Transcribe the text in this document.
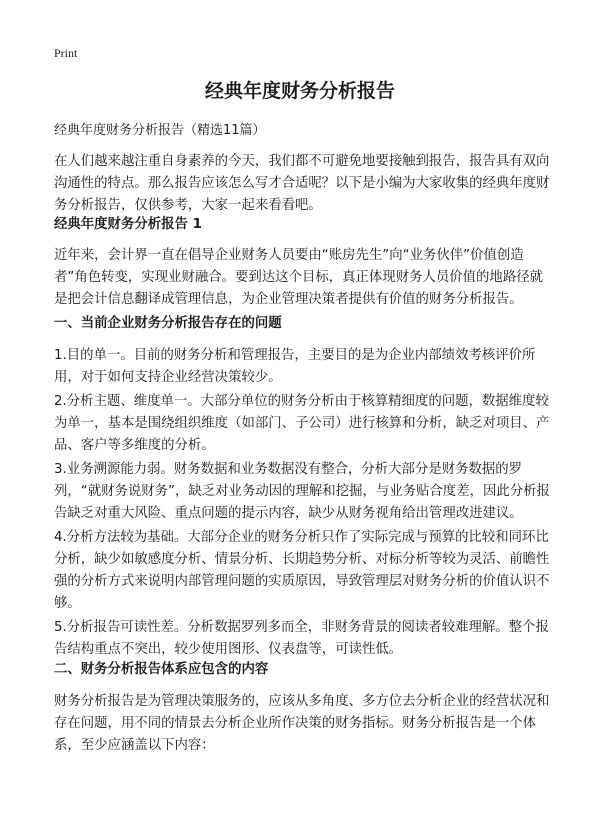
Print
经典年度财务分析报告

经典年度财务分析报告（精选11篇）

在人们越来越注重自身素养的今天，我们都不可避免地要接触到报告，报告具有双向沟通性的特点。那么报告应该怎么写才合适呢？以下是小编为大家收集的经典年度财务分析报告，仅供参考，大家一起来看看吧。

经典年度财务分析报告 1

近年来，会计界一直在倡导企业财务人员要由“账房先生”向“业务伙伴”价值创造者”角色转变，实现业财融合。要到达这个目标，真正体现财务人员价值的地路径就是把会计信息翻译成管理信息，为企业管理决策者提供有价值的财务分析报告。

一、当前企业财务分析报告存在的问题

1.目的单一。目前的财务分析和管理报告，主要目的是为企业内部绩效考核评价所用，对于如何支持企业经营决策较少。

2.分析主题、维度单一。大部分单位的财务分析由于核算精细度的问题，数据维度较为单一，基本是围绕组织维度（如部门、子公司）进行核算和分析，缺乏对项目、产品、客户等多维度的分析。

3.业务溯源能力弱。财务数据和业务数据没有整合，分析大部分是财务数据的罗列，“就财务说财务”，缺乏对业务动因的理解和挖掘，与业务贴合度差，因此分析报告缺乏对重大风险、重点问题的提示内容，缺少从财务视角给出管理改进建议。

4.分析方法较为基础。大部分企业的财务分析只作了实际完成与预算的比较和同环比分析，缺少如敏感度分析、情景分析、长期趋势分析、对标分析等较为灵活、前瞻性强的分析方式来说明内部管理问题的实质原因，导致管理层对财务分析的价值认识不够。

5.分析报告可读性差。分析数据罗列多而全，非财务背景的阅读者较难理解。整个报告结构重点不突出，较少使用图形、仪表盘等，可读性低。

二、财务分析报告体系应包含的内容

财务分析报告是为管理决策服务的，应该从多角度、多方位去分析企业的经营状况和存在问题，用不同的情景去分析企业所作决策的财务指标。财务分析报告是一个体系，至少应涵盖以下内容：
